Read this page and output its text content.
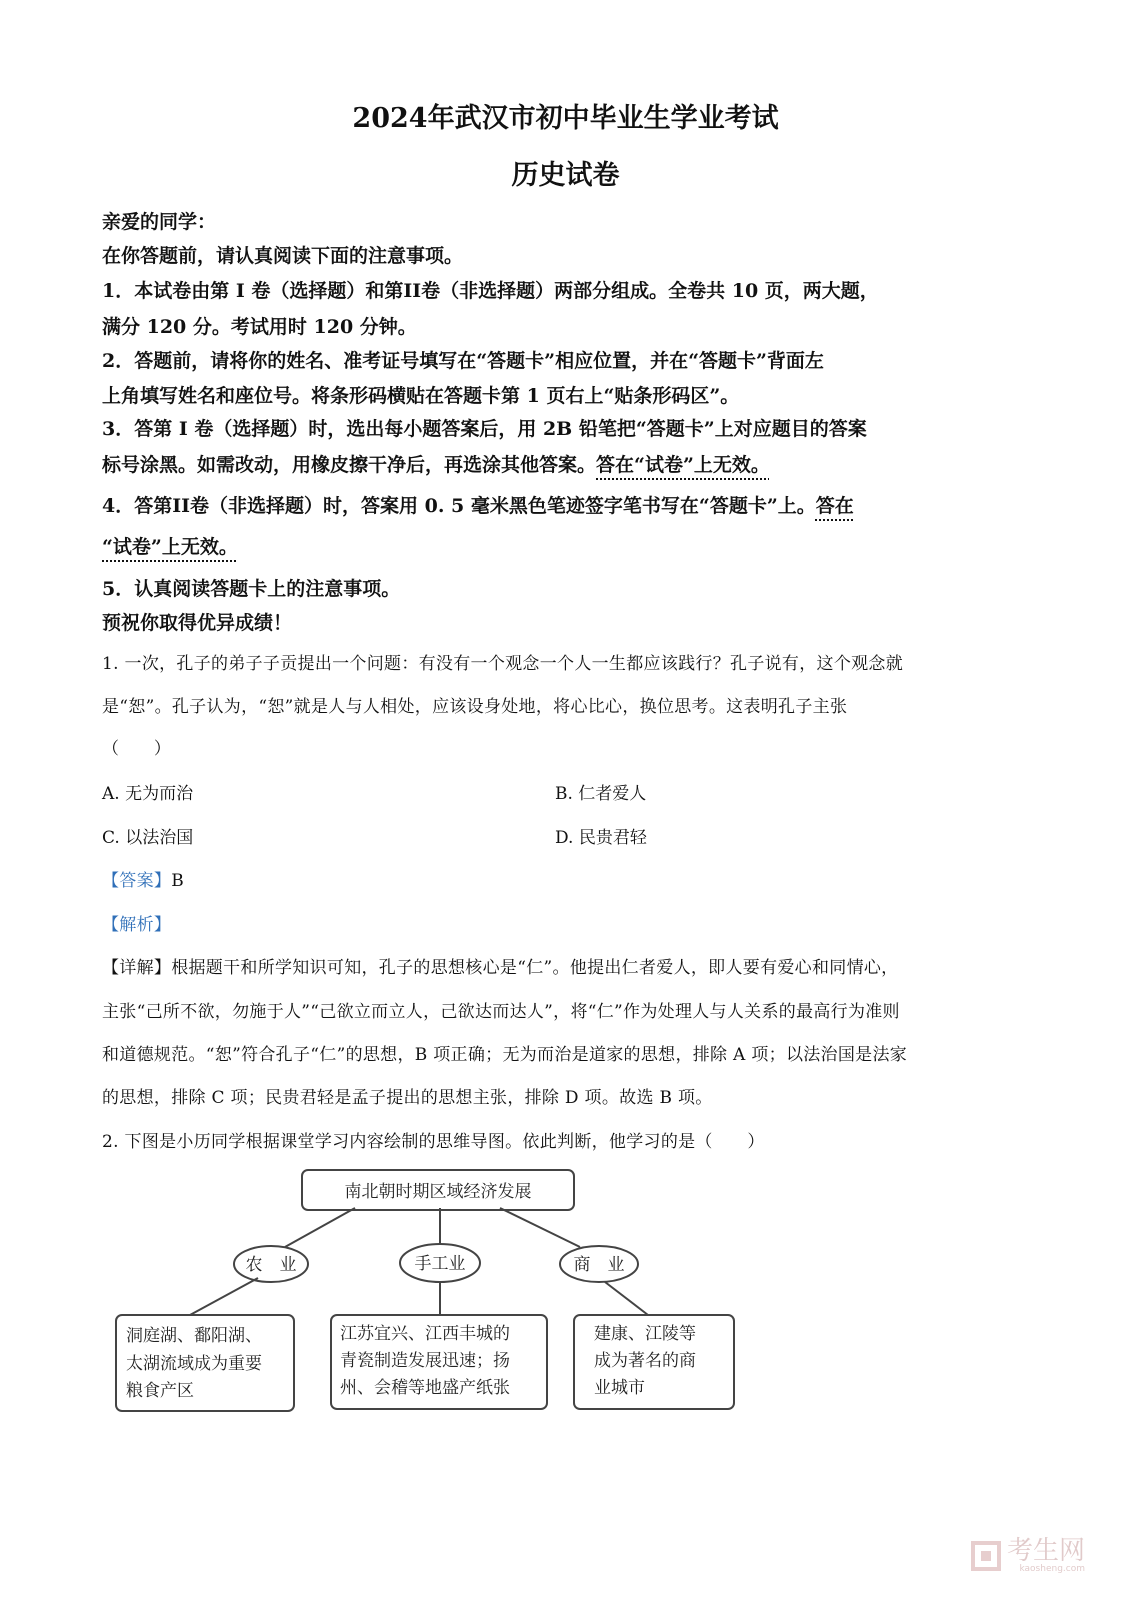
2024年武汉市初中毕业生学业考试
历史试卷
亲爱的同学：
在你答题前，请认真阅读下面的注意事项。
1．本试卷由第 I 卷（选择题）和第II卷（非选择题）两部分组成。全卷共 10 页，两大题，
满分 120 分。考试用时 120 分钟。
2．答题前，请将你的姓名、准考证号填写在“答题卡”相应位置，并在“答题卡”背面左
上角填写姓名和座位号。将条形码横贴在答题卡第 1 页右上“贴条形码区”。
3．答第 I 卷（选择题）时，选出每小题答案后，用 2B 铅笔把“答题卡”上对应题目的答案
标号涂黑。如需改动，用橡皮擦干净后，再选涂其他答案。答在“试卷”上无效。
4．答第II卷（非选择题）时，答案用 0. 5 毫米黑色笔迹签字笔书写在“答题卡”上。答在
“试卷”上无效。
5．认真阅读答题卡上的注意事项。
预祝你取得优异成绩！
1. 一次，孔子的弟子子贡提出一个问题：有没有一个观念一个人一生都应该践行？孔子说有，这个观念就
是“恕”。孔子认为，“恕”就是人与人相处，应该设身处地，将心比心，换位思考。这表明孔子主张
（　　）
A. 无为而治	B. 仁者爱人
C. 以法治国	D. 民贵君轻
【答案】B
【解析】
【详解】根据题干和所学知识可知，孔子的思想核心是“仁”。他提出仁者爱人，即人要有爱心和同情心，
主张“己所不欲，勿施于人”“己欲立而立人，己欲达而达人”，将“仁”作为处理人与人关系的最高行为准则
和道德规范。“恕”符合孔子“仁”的思想，B 项正确；无为而治是道家的思想，排除 A 项；以法治国是法家
的思想，排除 C 项；民贵君轻是孟子提出的思想主张，排除 D 项。故选 B 项。
2. 下图是小历同学根据课堂学习内容绘制的思维导图。依此判断，他学习的是（　　）
南北朝时期区域经济发展
农　业	手工业	商　业
洞庭湖、鄱阳湖、
太湖流域成为重要
粮食产区
江苏宜兴、江西丰城的
青瓷制造发展迅速；扬
州、会稽等地盛产纸张
建康、江陵等
成为著名的商
业城市
考生网
kaosheng.com
